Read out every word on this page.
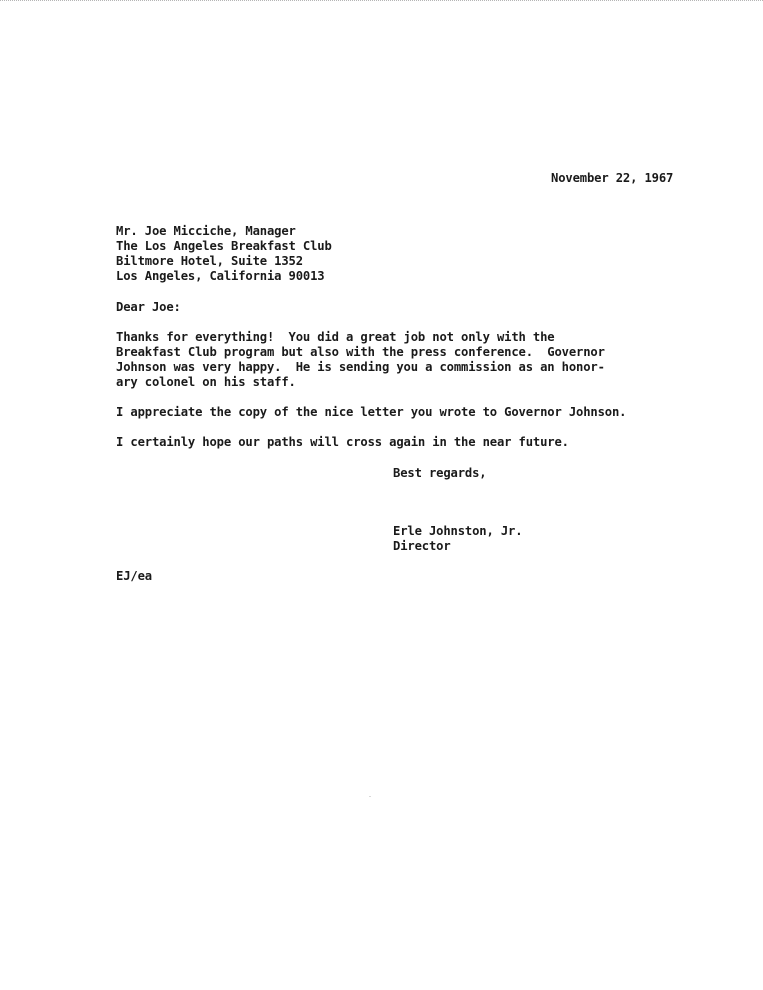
November 22, 1967
Mr. Joe Micciche, Manager
The Los Angeles Breakfast Club
Biltmore Hotel, Suite 1352
Los Angeles, California 90013
Dear Joe:
Thanks for everything!  You did a great job not only with the
Breakfast Club program but also with the press conference.  Governor
Johnson was very happy.  He is sending you a commission as an honor-
ary colonel on his staff.
I appreciate the copy of the nice letter you wrote to Governor Johnson.
I certainly hope our paths will cross again in the near future.
Best regards,
Erle Johnston, Jr.
Director
EJ/ea
